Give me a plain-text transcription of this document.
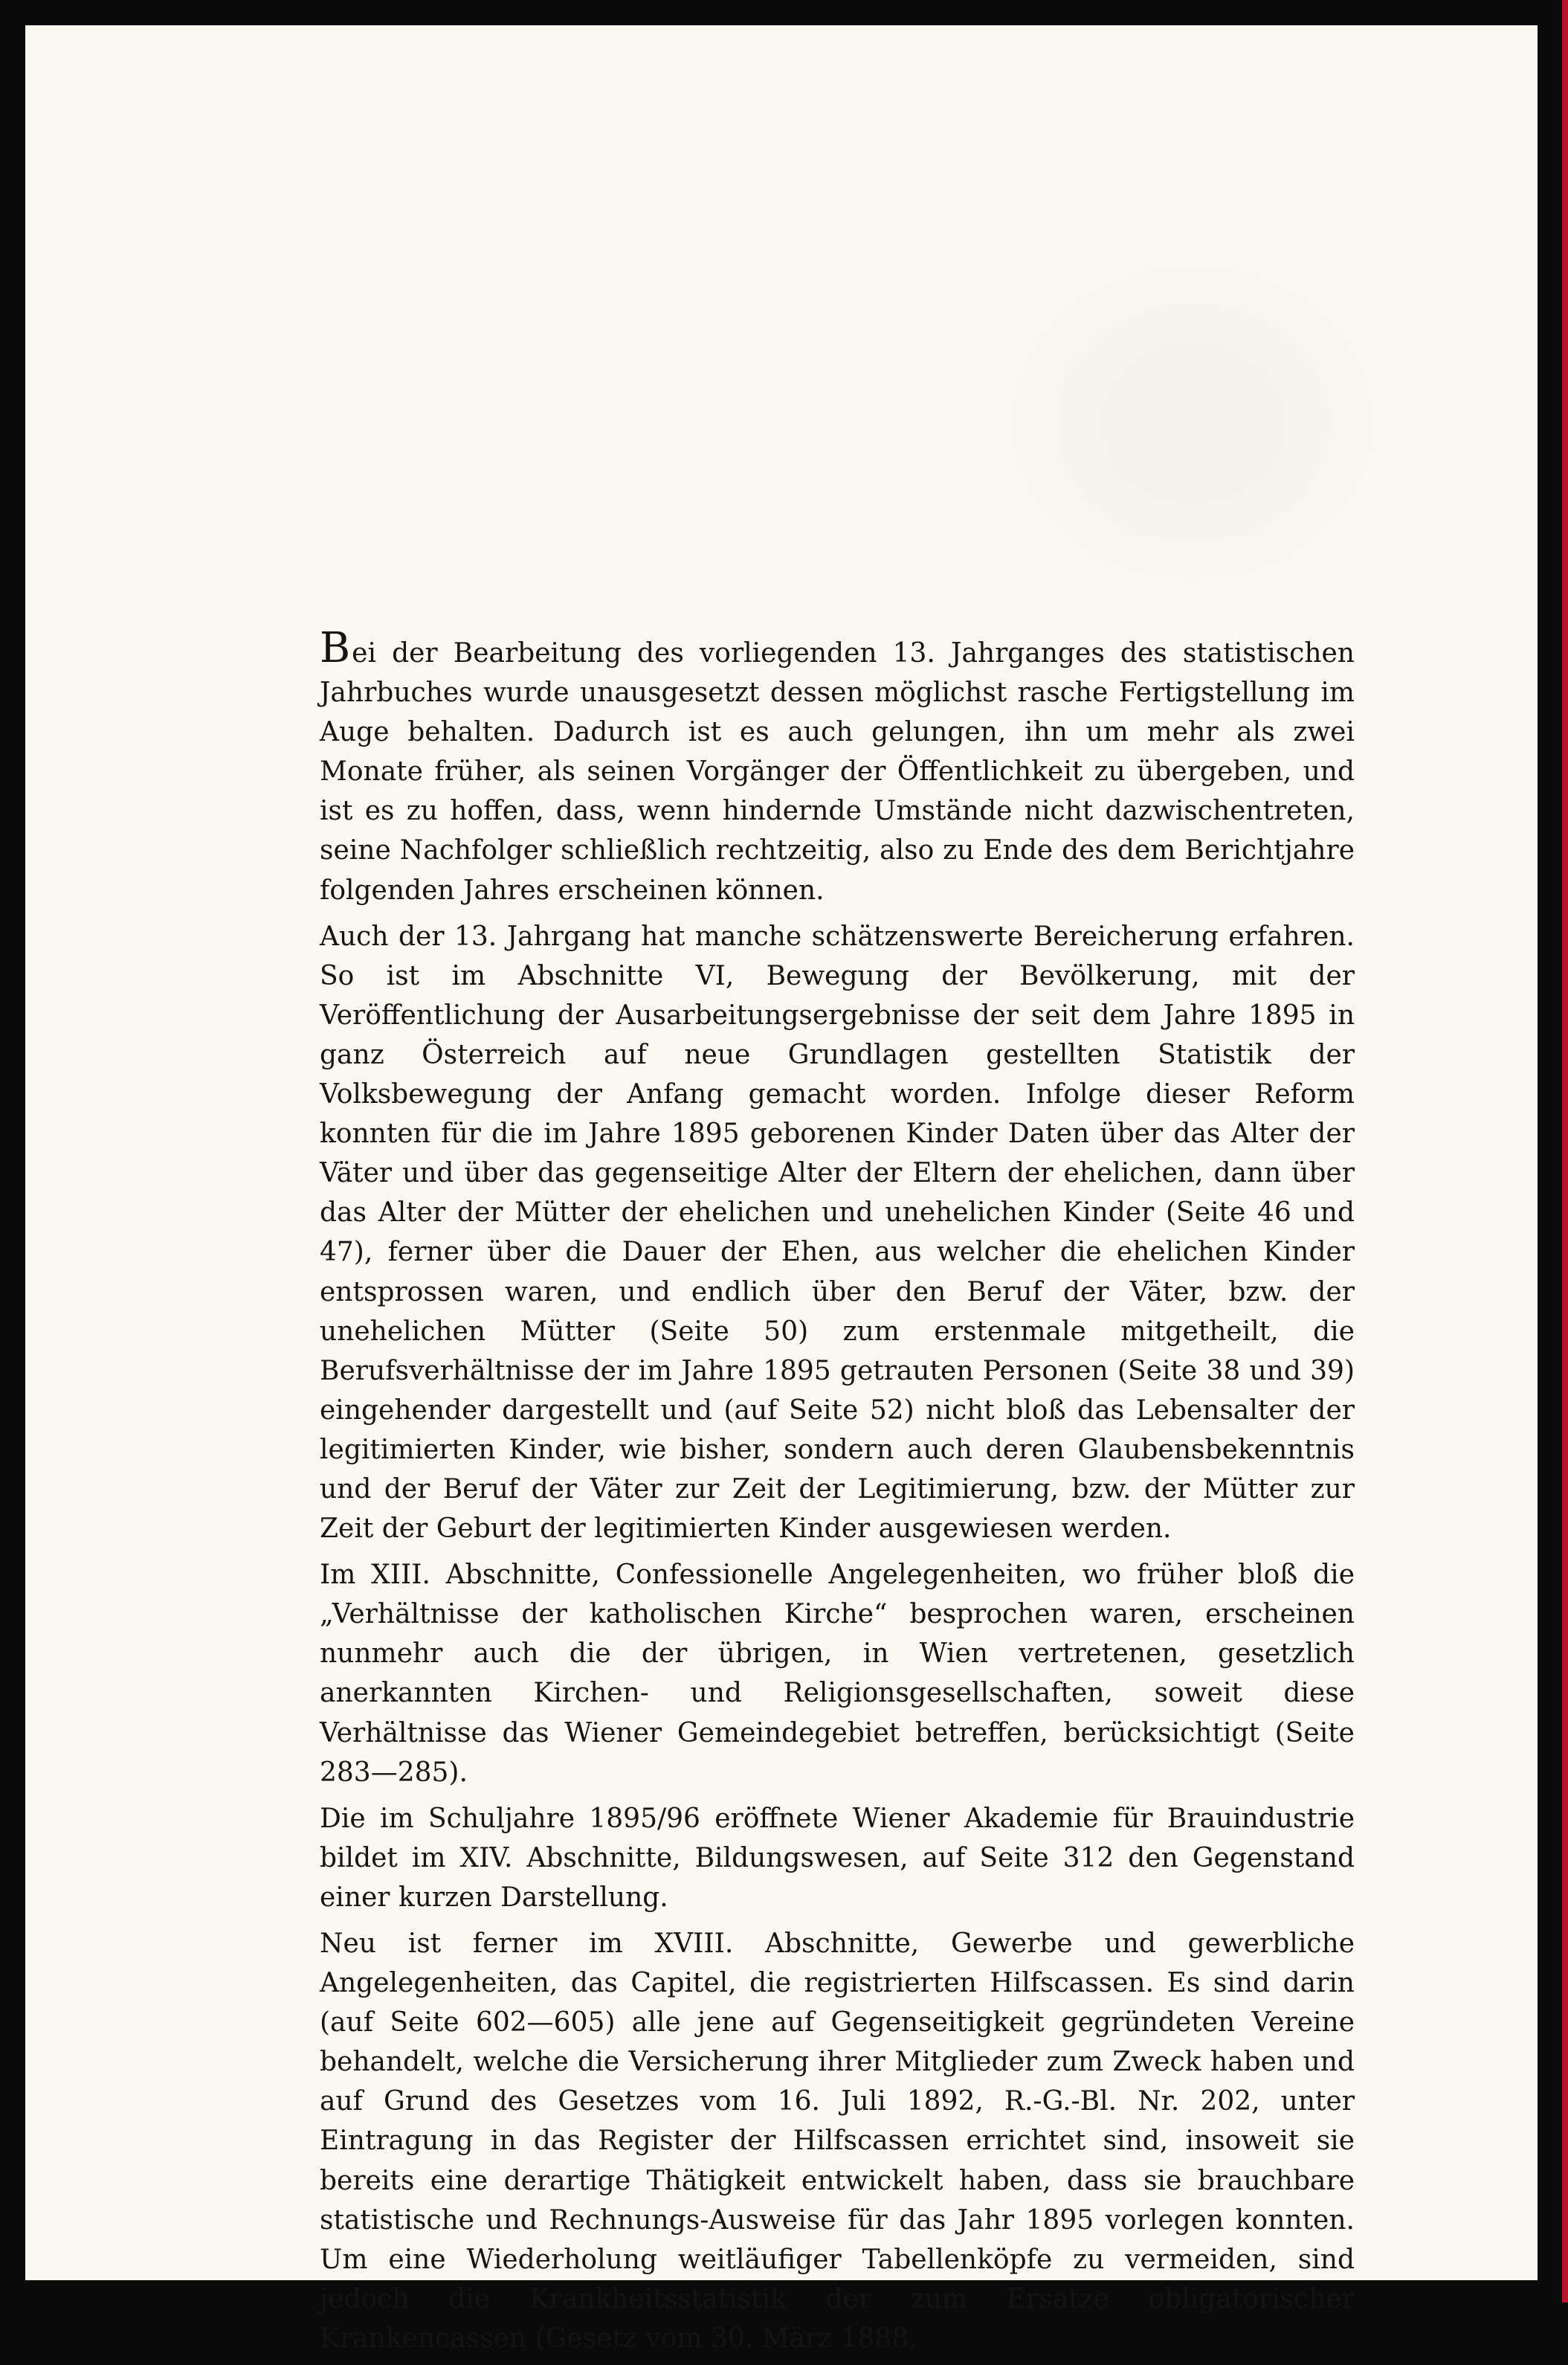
Bei der Bearbeitung des vorliegenden 13. Jahrganges des statistischen Jahrbuches wurde unausgesetzt dessen möglichst rasche Fertigstellung im Auge behalten. Dadurch ist es auch gelungen, ihn um mehr als zwei Monate früher, als seinen Vorgänger der Öffentlichkeit zu übergeben, und ist es zu hoffen, dass, wenn hindernde Umstände nicht dazwischentreten, seine Nachfolger schließlich rechtzeitig, also zu Ende des dem Berichtjahre folgenden Jahres erscheinen können.

Auch der 13. Jahrgang hat manche schätzenswerte Bereicherung erfahren. So ist im Abschnitte VI, Bewegung der Bevölkerung, mit der Veröffentlichung der Ausarbeitungsergebnisse der seit dem Jahre 1895 in ganz Österreich auf neue Grundlagen gestellten Statistik der Volksbewegung der Anfang gemacht worden. Infolge dieser Reform konnten für die im Jahre 1895 geborenen Kinder Daten über das Alter der Väter und über das gegenseitige Alter der Eltern der ehelichen, dann über das Alter der Mütter der ehelichen und unehelichen Kinder (Seite 46 und 47), ferner über die Dauer der Ehen, aus welcher die ehelichen Kinder entsprossen waren, und endlich über den Beruf der Väter, bzw. der unehelichen Mütter (Seite 50) zum erstenmale mitgetheilt, die Berufsverhältnisse der im Jahre 1895 getrauten Personen (Seite 38 und 39) eingehender dargestellt und (auf Seite 52) nicht bloß das Lebensalter der legitimierten Kinder, wie bisher, sondern auch deren Glaubensbekenntnis und der Beruf der Väter zur Zeit der Legitimierung, bzw. der Mütter zur Zeit der Geburt der legitimierten Kinder ausgewiesen werden.

Im XIII. Abschnitte, Confessionelle Angelegenheiten, wo früher bloß die „Verhältnisse der katholischen Kirche“ besprochen waren, erscheinen nunmehr auch die der übrigen, in Wien vertretenen, gesetzlich anerkannten Kirchen- und Religionsgesellschaften, soweit diese Verhältnisse das Wiener Gemeindegebiet betreffen, berücksichtigt (Seite 283—285).

Die im Schuljahre 1895/96 eröffnete Wiener Akademie für Brauindustrie bildet im XIV. Abschnitte, Bildungswesen, auf Seite 312 den Gegenstand einer kurzen Darstellung.

Neu ist ferner im XVIII. Abschnitte, Gewerbe und gewerbliche Angelegenheiten, das Capitel, die registrierten Hilfscassen. Es sind darin (auf Seite 602—605) alle jene auf Gegenseitigkeit gegründeten Vereine behandelt, welche die Versicherung ihrer Mitglieder zum Zweck haben und auf Grund des Gesetzes vom 16. Juli 1892, R.-G.-Bl. Nr. 202, unter Eintragung in das Register der Hilfscassen errichtet sind, insoweit sie bereits eine derartige Thätigkeit entwickelt haben, dass sie brauchbare statistische und Rechnungs-Ausweise für das Jahr 1895 vorlegen konnten. Um eine Wiederholung weitläufiger Tabellenköpfe zu vermeiden, sind jedoch die Krankheitsstatistik der zum Ersatze obligatorischer Krankencassen (Gesetz vom 30. März 1888,
